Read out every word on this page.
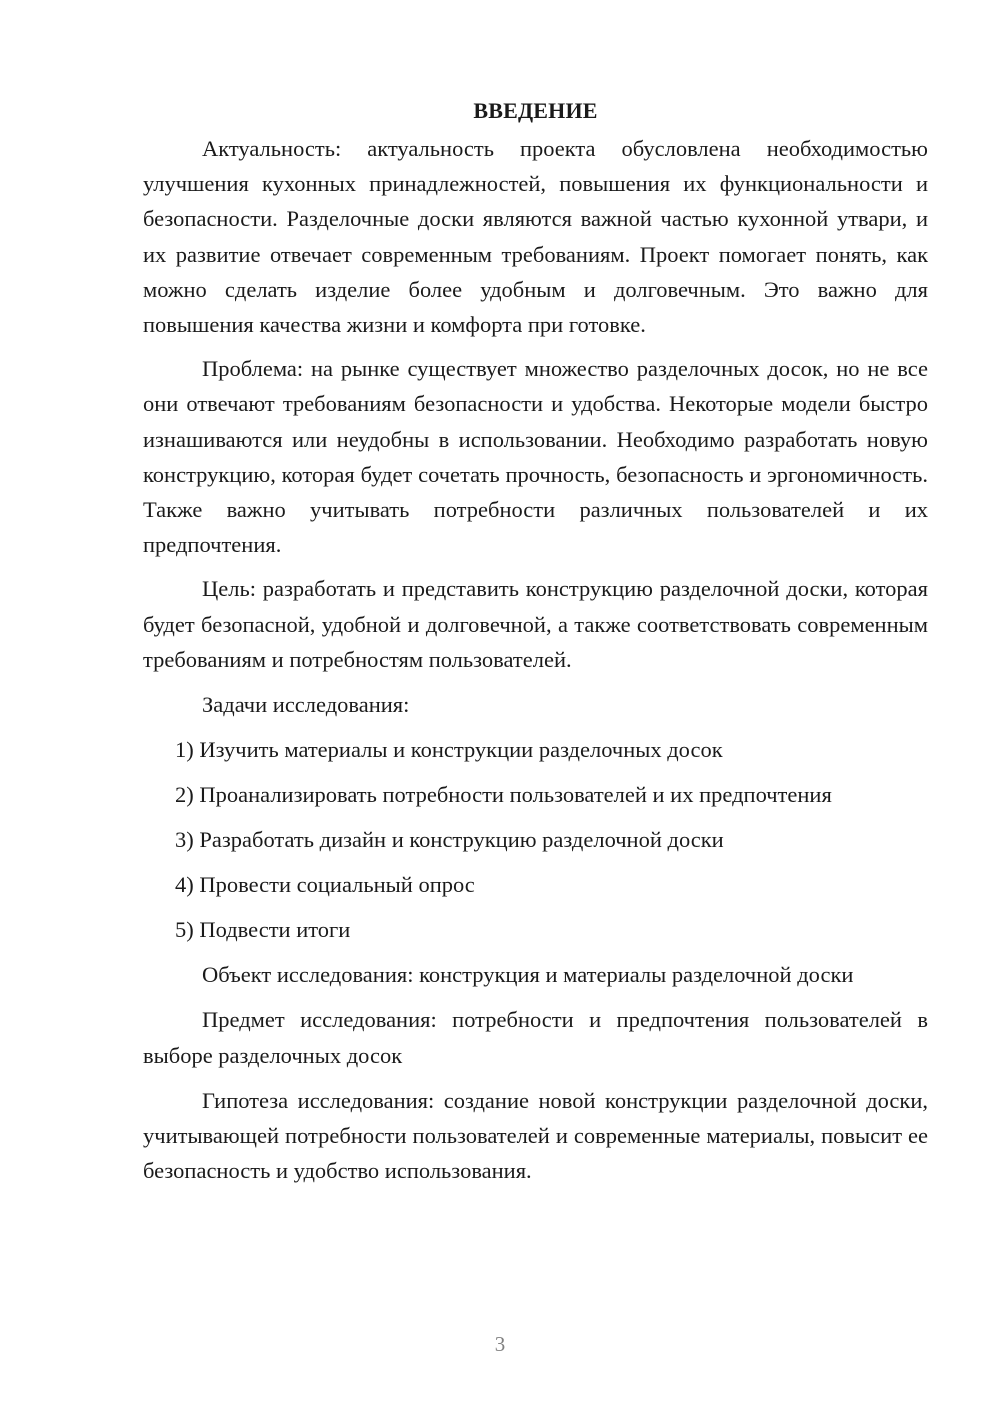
ВВЕДЕНИЕ

Актуальность: актуальность проекта обусловлена необходимостью улучшения кухонных принадлежностей, повышения их функциональности и безопасности. Разделочные доски являются важной частью кухонной утвари, и их развитие отвечает современным требованиям. Проект помогает понять, как можно сделать изделие более удобным и долговечным. Это важно для повышения качества жизни и комфорта при готовке.

Проблема: на рынке существует множество разделочных досок, но не все они отвечают требованиям безопасности и удобства. Некоторые модели быстро изнашиваются или неудобны в использовании. Необходимо разработать новую конструкцию, которая будет сочетать прочность, безопасность и эргономичность. Также важно учитывать потребности различных пользователей и их предпочтения.

Цель: разработать и представить конструкцию разделочной доски, которая будет безопасной, удобной и долговечной, а также соответствовать современным требованиям и потребностям пользователей.

Задачи исследования:

1) Изучить материалы и конструкции разделочных досок

2) Проанализировать потребности пользователей и их предпочтения

3) Разработать дизайн и конструкцию разделочной доски

4) Провести социальный опрос

5) Подвести итоги

Объект исследования: конструкция и материалы разделочной доски

Предмет исследования: потребности и предпочтения пользователей в выборе разделочных досок

Гипотеза исследования: создание новой конструкции разделочной доски, учитывающей потребности пользователей и современные материалы, повысит ее безопасность и удобство использования.

3
